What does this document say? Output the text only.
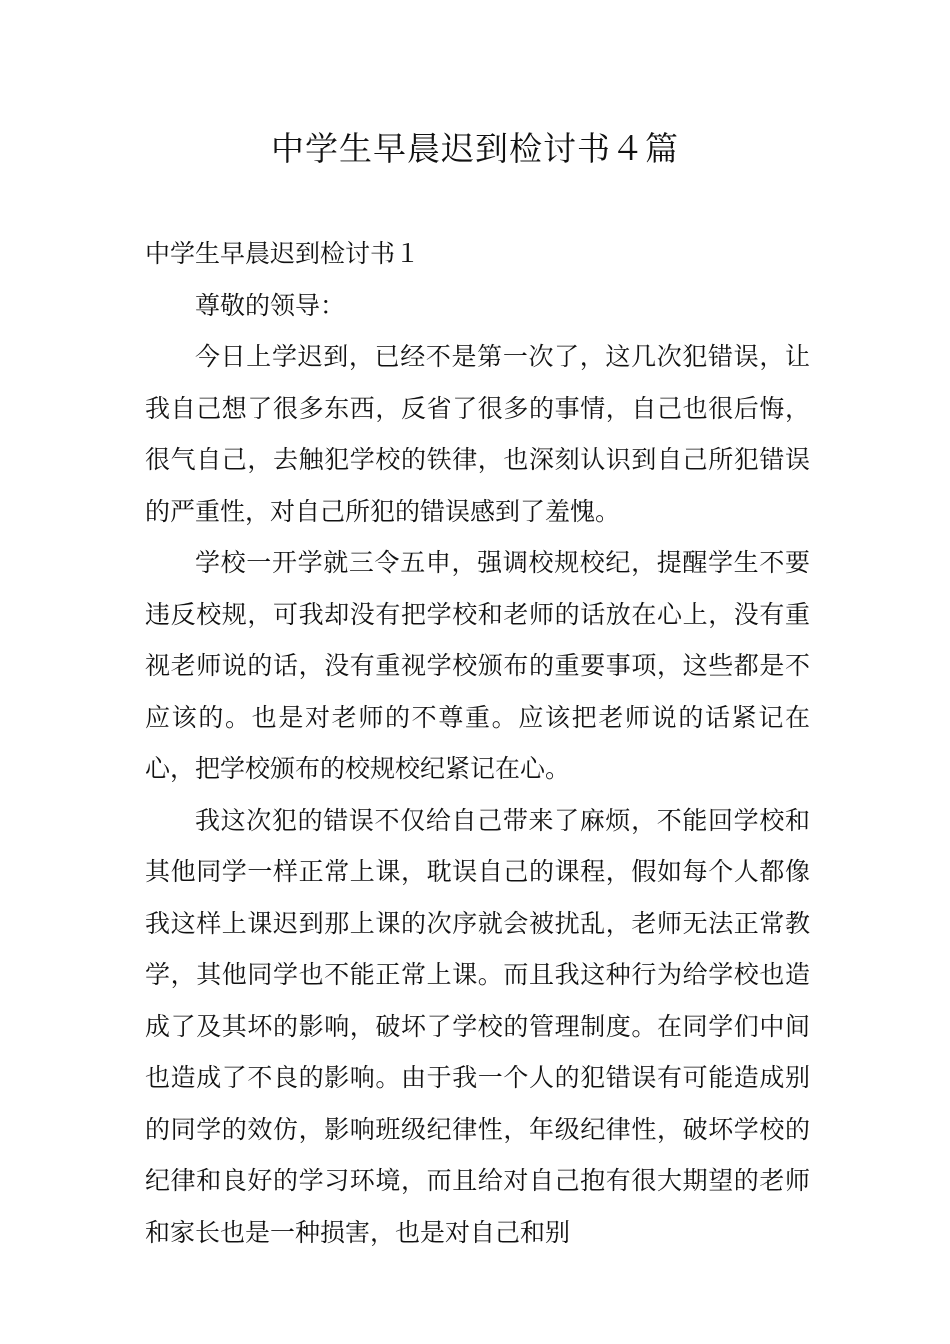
中学生早晨迟到检讨书４篇

中学生早晨迟到检讨书１

尊敬的领导：

今日上学迟到，已经不是第一次了，这几次犯错误，让我自己想了很多东西，反省了很多的事情，自己也很后悔，很气自己，去触犯学校的铁律，也深刻认识到自己所犯错误的严重性，对自己所犯的错误感到了羞愧。

学校一开学就三令五申，强调校规校纪，提醒学生不要违反校规，可我却没有把学校和老师的话放在心上，没有重视老师说的话，没有重视学校颁布的重要事项，这些都是不应该的。也是对老师的不尊重。应该把老师说的话紧记在心，把学校颁布的校规校纪紧记在心。

我这次犯的错误不仅给自己带来了麻烦，不能回学校和其他同学一样正常上课，耽误自己的课程，假如每个人都像我这样上课迟到那上课的次序就会被扰乱，老师无法正常教学，其他同学也不能正常上课。而且我这种行为给学校也造成了及其坏的影响，破坏了学校的管理制度。在同学们中间也造成了不良的影响。由于我一个人的犯错误有可能造成别的同学的效仿，影响班级纪律性，年级纪律性，破坏学校的纪律和良好的学习环境，而且给对自己抱有很大期望的老师和家长也是一种损害，也是对自己和别
